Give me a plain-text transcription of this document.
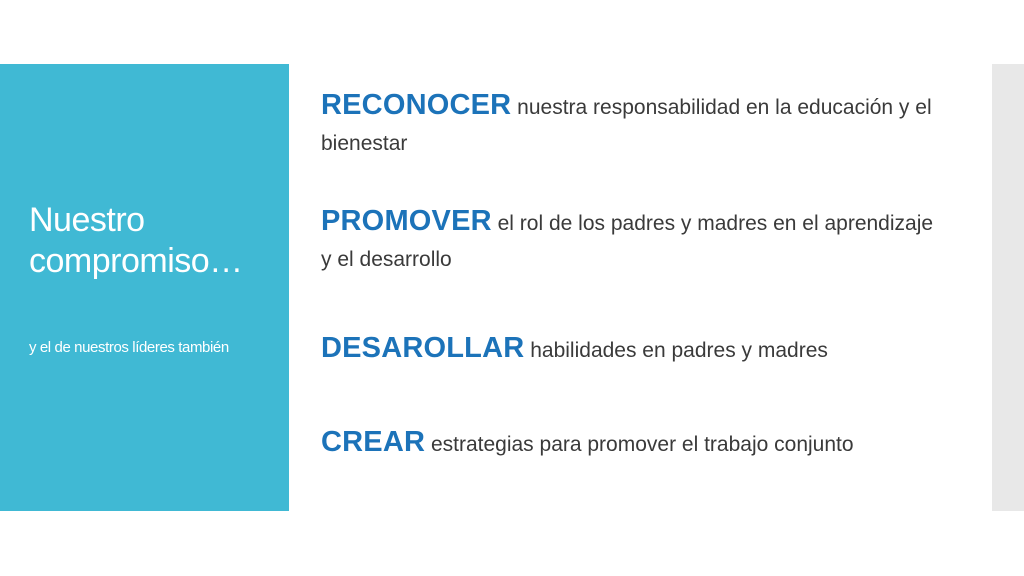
Nuestro compromiso…

y el de nuestros líderes también

RECONOCER nuestra responsabilidad en la educación y el bienestar

PROMOVER el rol de los padres y madres en el aprendizaje y el desarrollo

DESAROLLAR habilidades en padres y madres

CREAR estrategias para promover el trabajo conjunto
